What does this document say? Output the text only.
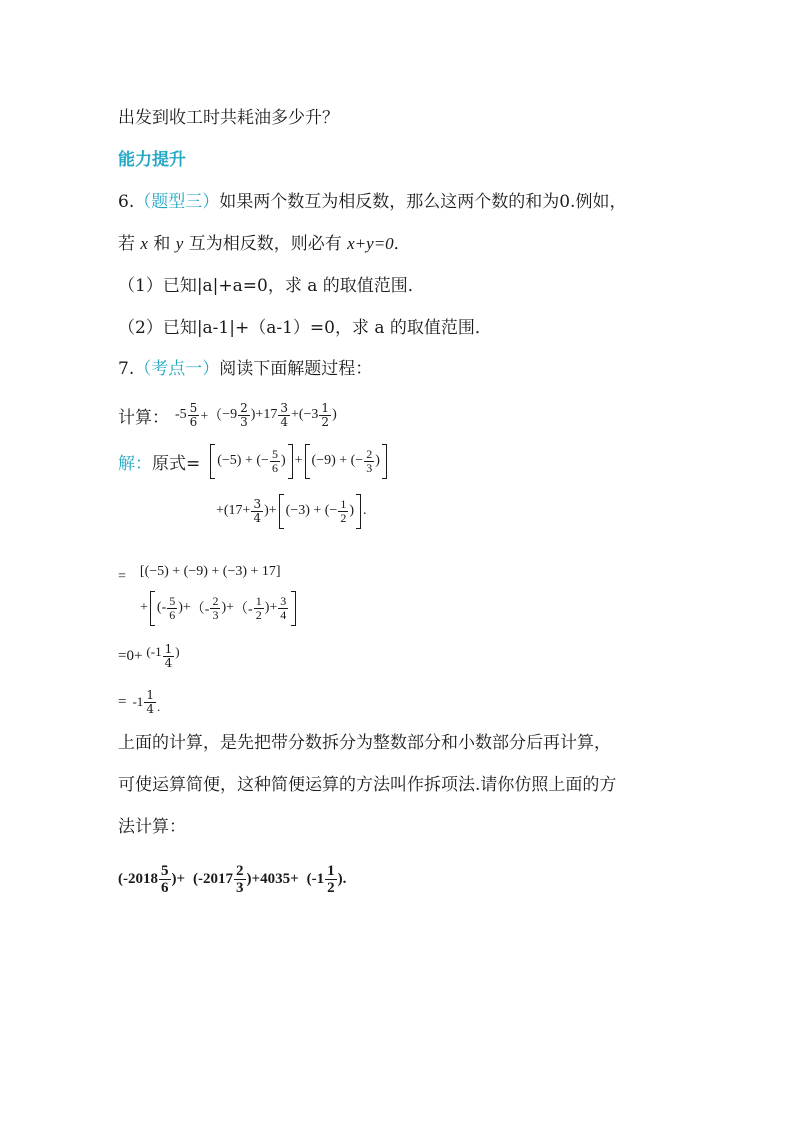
出发到收工时共耗油多少升？
能力提升
6.（题型三）如果两个数互为相反数，那么这两个数的和为0.例如，
若 x 和 y 互为相反数，则必有 x+y=0．
（1）已知|a|+a=0，求 a 的取值范围．
（2）已知|a-1|+（a-1）=0，求 a 的取值范围．
7.（考点一）阅读下面解题过程：
计算： $-5 \frac{5}{6}$ +（ $-9 \frac{2}{3} )+17 \frac{3}{4} +(-3 \frac{1}{2}$ )
解： 原式= (−5) + (− $\frac{5}{6}$ ) + (−9) + (− $\frac{2}{3}$ )
$+(17+ \frac{3}{4}$ )+ (−3) + (− $\frac{1}{2}$ ) .
= [(−5) + (−9) + (−3) + 17]
+ (- $\frac{5}{6}$ )+ （- $\frac{2}{3}$ )+ （- $\frac{1}{2}$ )+ $\frac{3}{4}$
$=0+ (-1 \frac{1}{4}$ )
= $-1 \frac{1}{4}$ .
上面的计算，是先把带分数拆分为整数部分和小数部分后再计算，
可使运算简便，这种简便运算的方法叫作拆项法.请你仿照上面的方
法计算：
($-2018 \frac{5}{6}$ )+ $(-2017 \frac{2}{3} )+4035+ (-1 \frac{1}{2}$ ).
